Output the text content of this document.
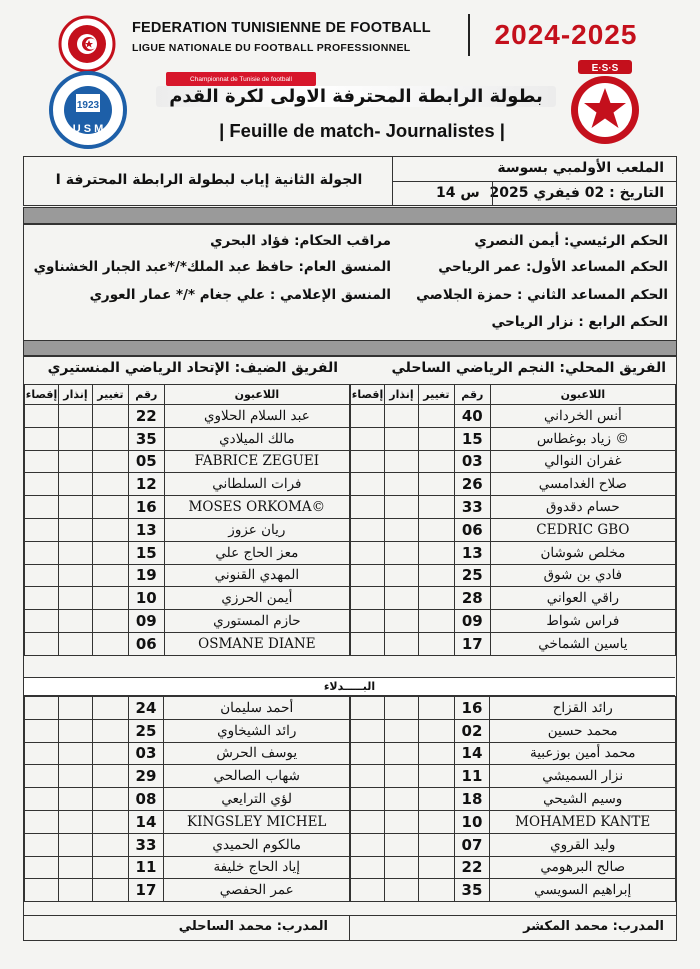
FEDERATION TUNISIENNE DE FOOTBALL
LIGUE NATIONALE DU FOOTBALL PROFESSIONNEL	2024-2025
1923
U S M
Championnat de Tunisie de football
بطولة الرابطة المحترفة الاولى لكرة القدم
| Feuille de match- Journalistes |
E·S·S
الملعب الأولمبي بسوسة
التاريخ : 02 فيفري 2025
س 14
الجولة الثانية إياب لبطولة الرابطة المحترفة I
الحكم الرئيسي: أيمن النصري
الحكم المساعد الأول: عمر الرياحي
الحكم المساعد الثاني : حمزة الجلاصي
الحكم الرابع : نزار الرياحي
مراقب الحكام: فؤاد البحري
المنسق العام: حافظ عبد الملك*/*عبد الجبار الخشناوي
المنسق الإعلامي : علي جغام */* عمار العوري
الفريق المحلي: النجم الرياضي الساحلي
الفريق الضيف: الإتحاد الرياضي المنستيري
إقصاء	إنذار	تغيير	رقم	اللاعبون
			40	أنس الخرداني
			15	زياد بوغطاس ©
			03	غفران النوالي
			26	صلاح الغدامسي
			33	حسام دقدوق
			06	CEDRIC GBO
			13	مخلص شوشان
			25	فادي بن شوق
			28	راقي العواني
			09	فراس شواط
			17	ياسين الشماخي
إقصاء	إنذار	تغيير	رقم	اللاعبون
			22	عبد السلام الحلاوي
			35	مالك الميلادي
			05	FABRICE ZEGUEI
			12	فرات السلطاني
			16	MOSES ORKOMA©
			13	ريان عزوز
			15	معز الحاج علي
			19	المهدي القنوني
			10	أيمن الحرزي
			09	حازم المستوري
			06	OSMANE DIANE
البـــــدلاء
			16	رائد القزاح
			02	محمد حسين
			14	محمد أمين بوزعبية
			11	نزار السميشي
			18	وسيم الشيحي
			10	MOHAMED KANTE
			07	وليد القروي
			22	صالح البرهومي
			35	إبراهيم السويسي
			24	أحمد سليمان
			25	رائد الشيخاوي
			03	يوسف الحرش
			29	شهاب الصالحي
			08	لؤي الترايعي
			14	KINGSLEY MICHEL
			33	مالكوم الحميدي
			11	إياد الحاج خليفة
			17	عمر الحفصي
المدرب: محمد المكشر
المدرب: محمد الساحلي
